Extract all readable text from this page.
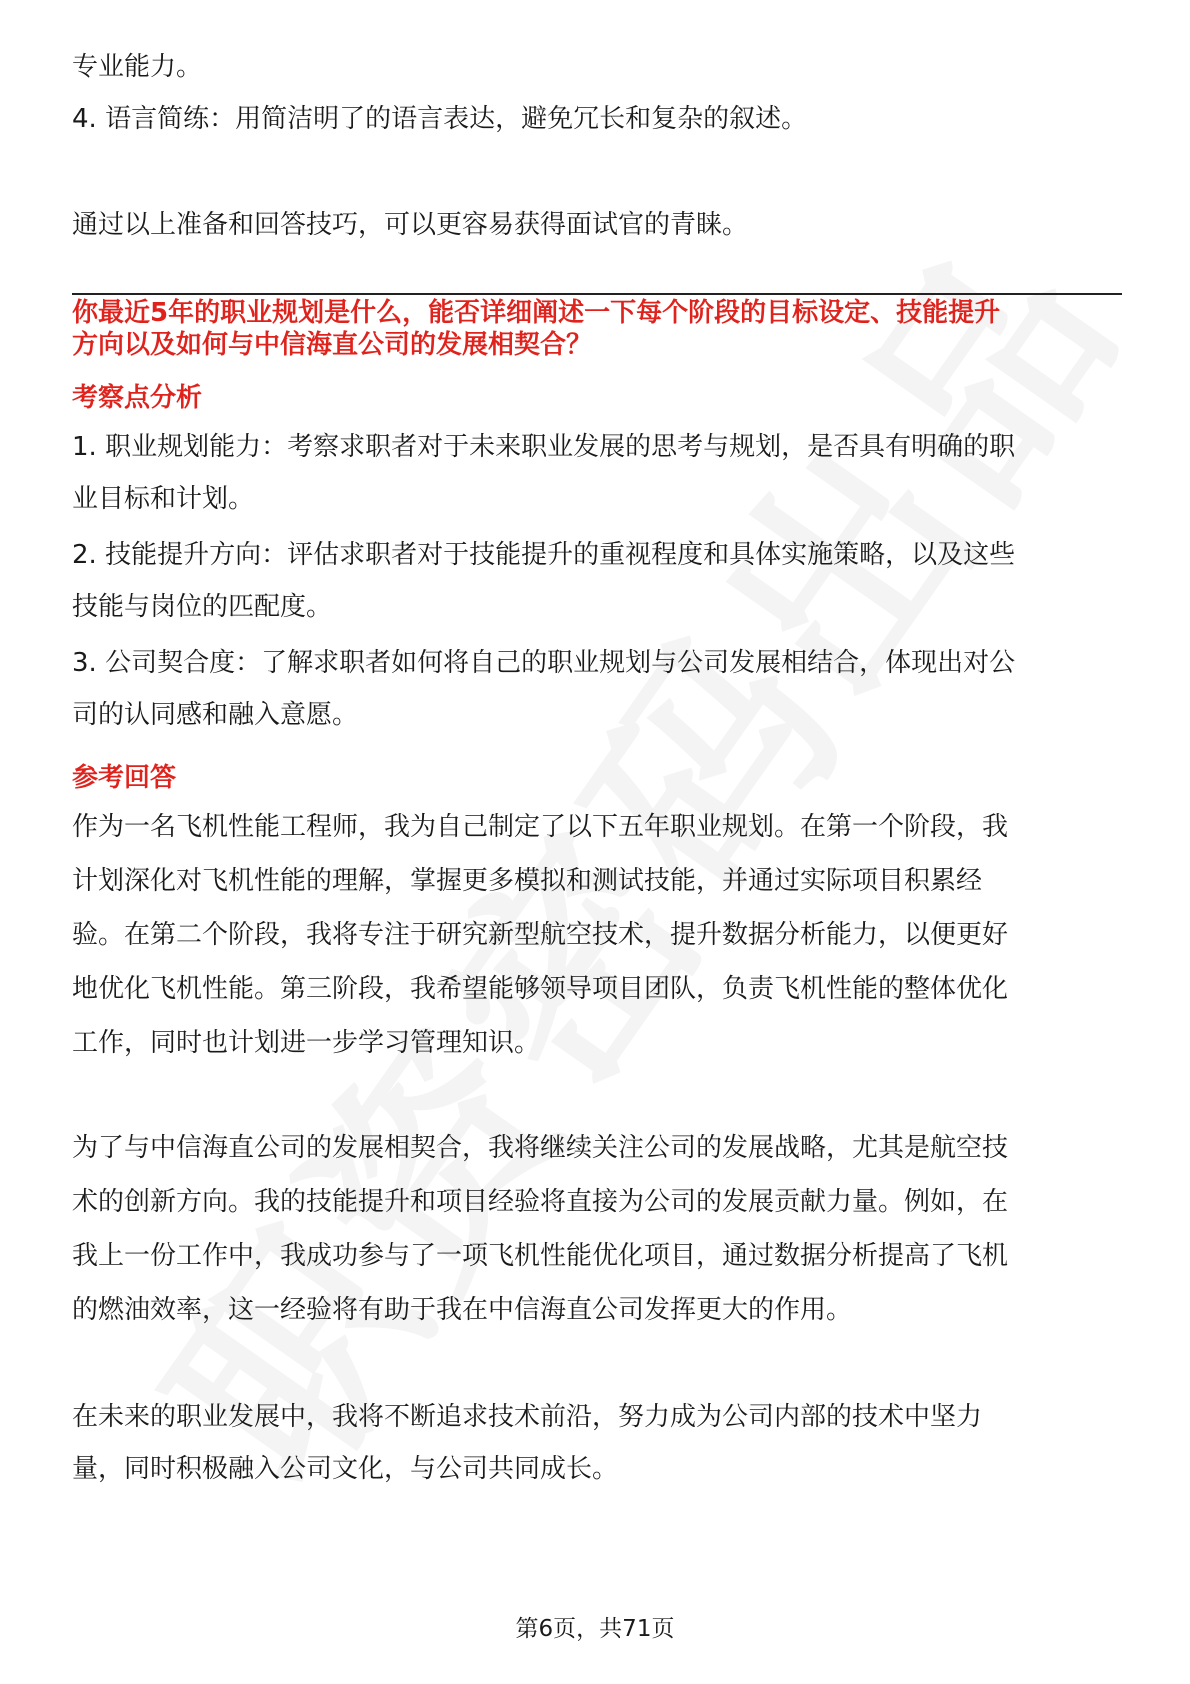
专业能力。
4. 语言简练：用简洁明了的语言表达，避免冗长和复杂的叙述。
通过以上准备和回答技巧，可以更容易获得面试官的青睐。
你最近5年的职业规划是什么，能否详细阐述一下每个阶段的目标设定、技能提升
方向以及如何与中信海直公司的发展相契合？
考察点分析
1. 职业规划能力：考察求职者对于未来职业发展的思考与规划，是否具有明确的职
业目标和计划。
2. 技能提升方向：评估求职者对于技能提升的重视程度和具体实施策略，以及这些
技能与岗位的匹配度。
3. 公司契合度：了解求职者如何将自己的职业规划与公司发展相结合，体现出对公
司的认同感和融入意愿。
参考回答
作为一名飞机性能工程师，我为自己制定了以下五年职业规划。在第一个阶段，我
计划深化对飞机性能的理解，掌握更多模拟和测试技能，并通过实际项目积累经
验。在第二个阶段，我将专注于研究新型航空技术，提升数据分析能力，以便更好
地优化飞机性能。第三阶段，我希望能够领导项目团队，负责飞机性能的整体优化
工作，同时也计划进一步学习管理知识。
为了与中信海直公司的发展相契合，我将继续关注公司的发展战略，尤其是航空技
术的创新方向。我的技能提升和项目经验将直接为公司的发展贡献力量。例如，在
我上一份工作中，我成功参与了一项飞机性能优化项目，通过数据分析提高了飞机
的燃油效率，这一经验将有助于我在中信海直公司发挥更大的作用。
在未来的职业发展中，我将不断追求技术前沿，努力成为公司内部的技术中坚力
量，同时积极融入公司文化，与公司共同成长。
第6页，共71页
